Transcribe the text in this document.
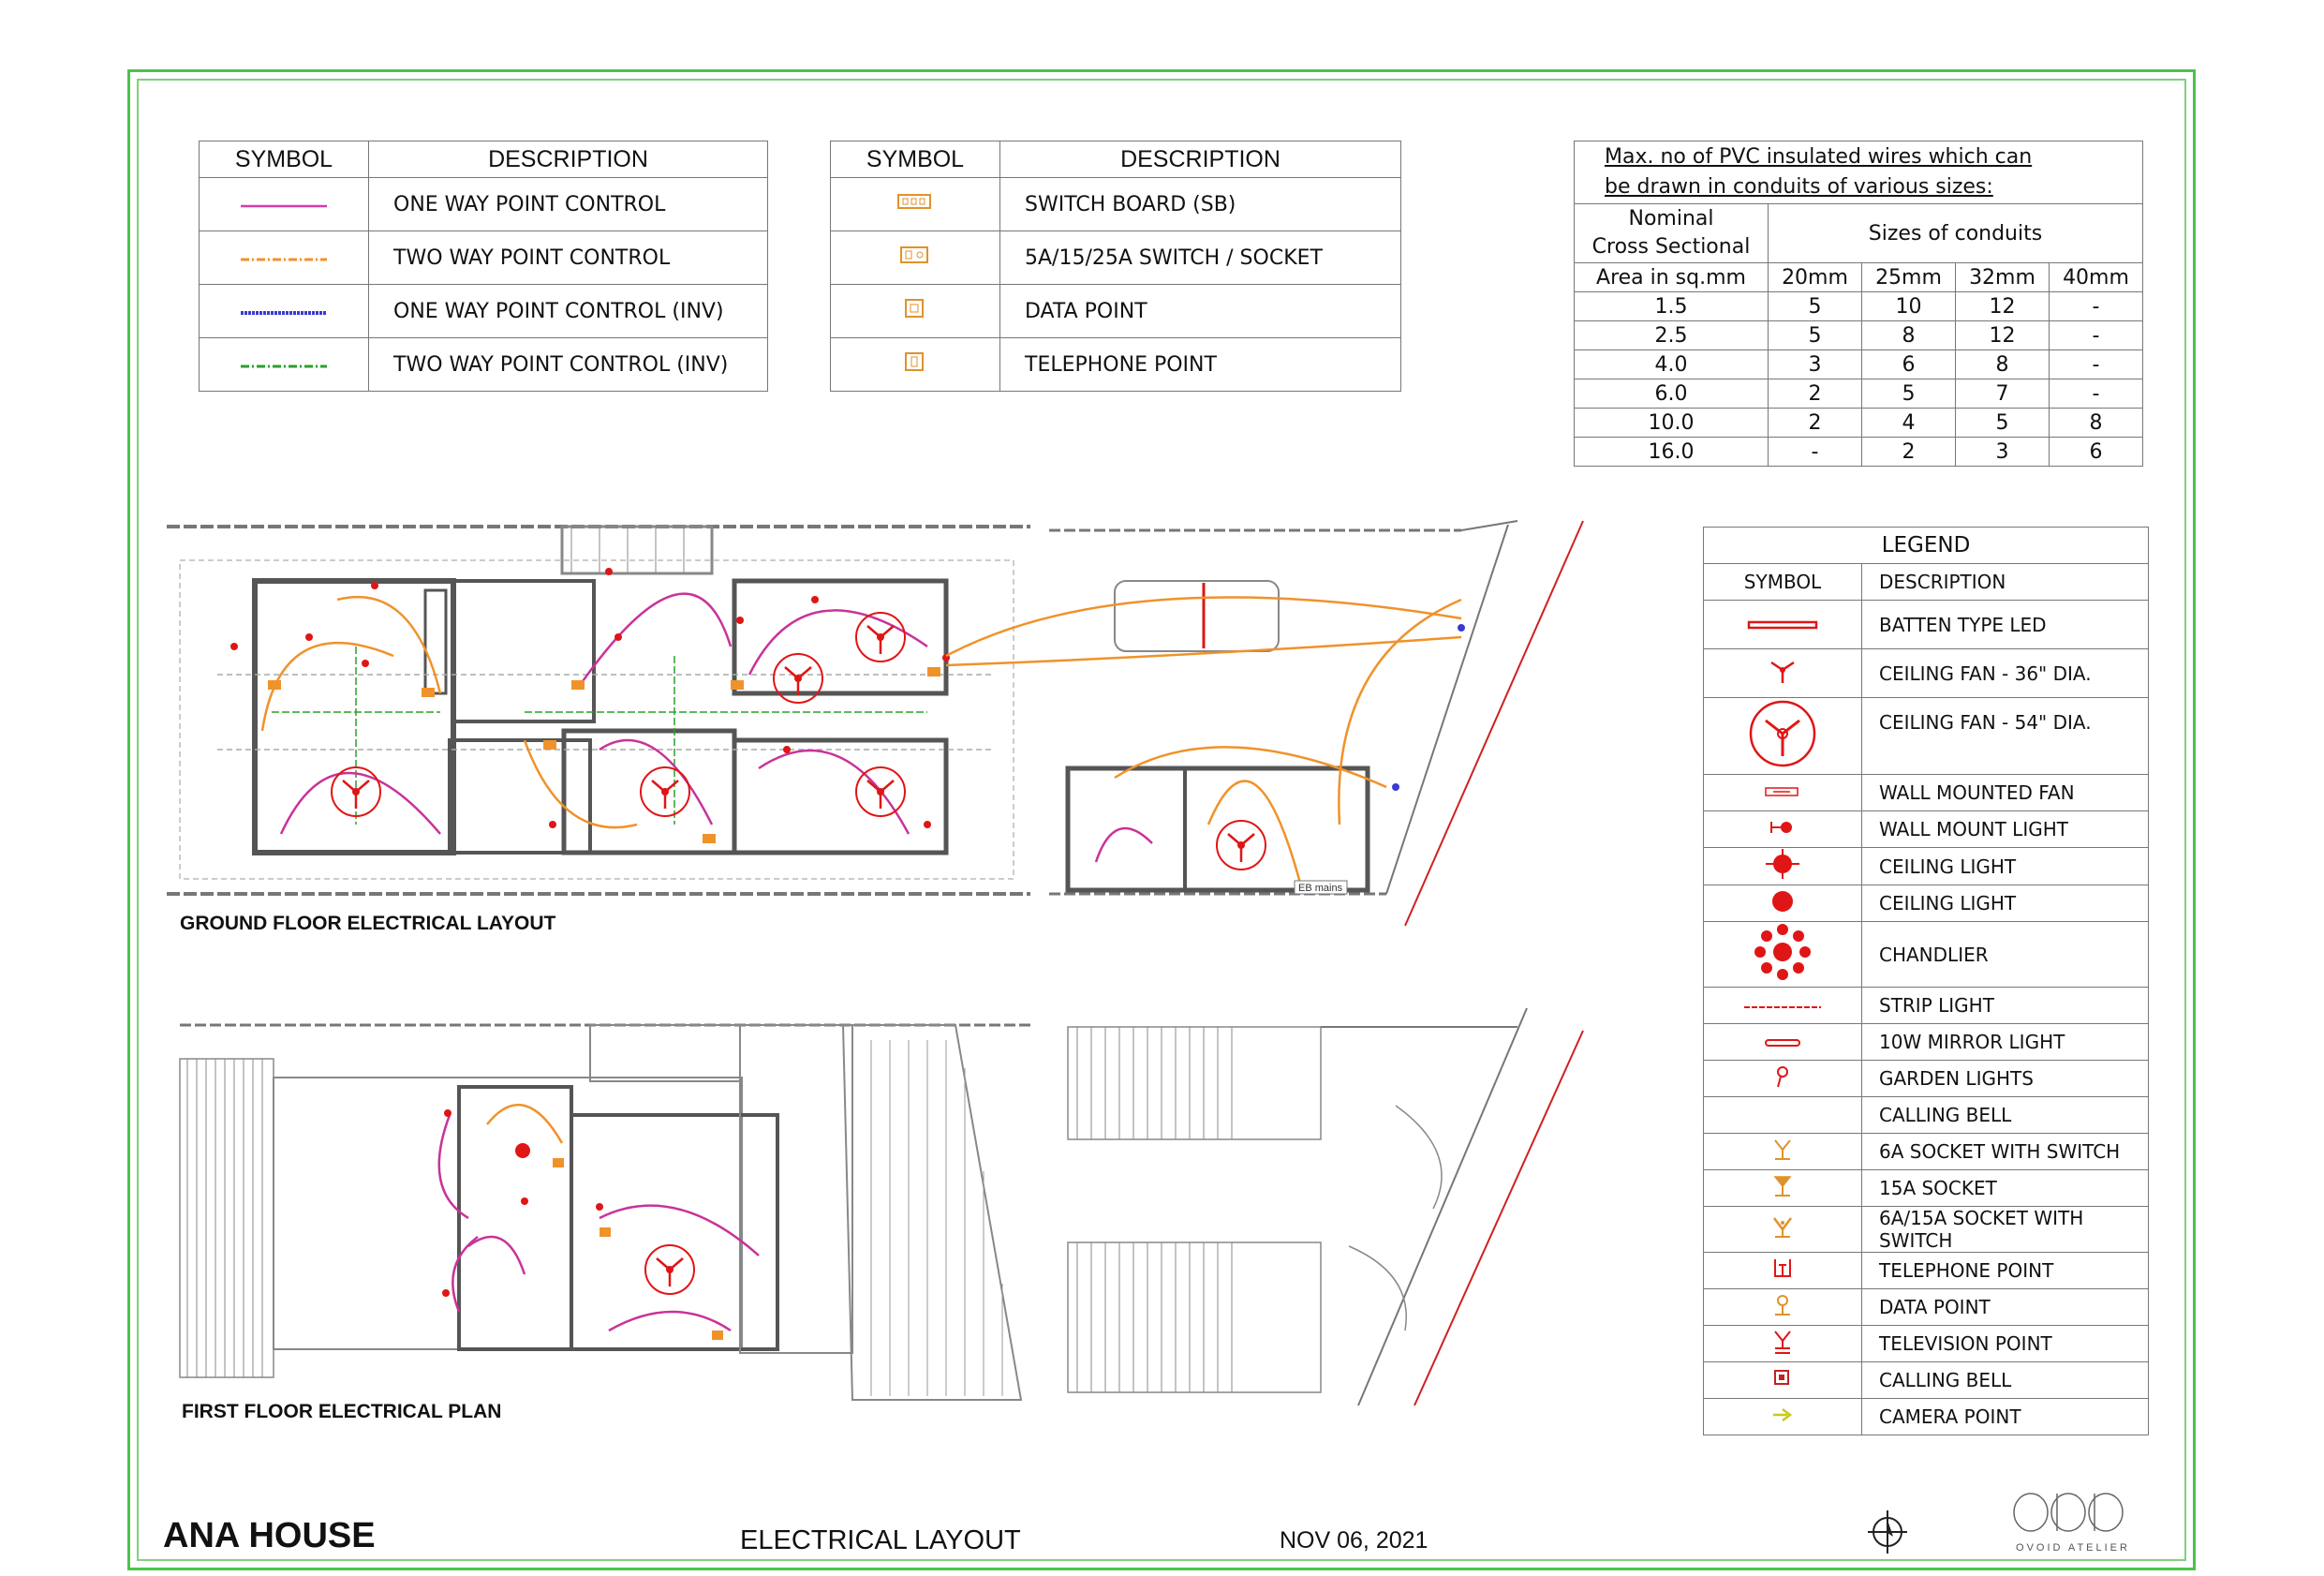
SYMBOL	DESCRIPTION
	ONE WAY POINT CONTROL
	TWO WAY POINT CONTROL
	ONE WAY POINT CONTROL (INV)
	TWO WAY POINT CONTROL (INV)
SYMBOL	DESCRIPTION
	SWITCH BOARD (SB)
	5A/15/25A SWITCH / SOCKET
	DATA POINT
	TELEPHONE POINT
Max. no of PVC insulated wires which can
be drawn in conduits of various sizes:				
Nominal
Cross Sectional	Sizes of conduits			

Area in sq.mm	20mm	25mm	32mm	40mm
1.5	5	10	12	-
2.5	5	8	12	-
4.0	3	6	8	-
6.0	2	5	7	-
10.0	2	4	5	8
16.0	-	2	3	6
LEGEND	
SYMBOL	DESCRIPTION
	BATTEN TYPE LED
	CEILING FAN - 36" DIA.
	CEILING FAN - 54" DIA.
	WALL MOUNTED FAN
	WALL MOUNT LIGHT
	CEILING LIGHT
	CEILING LIGHT
	CHANDLIER
	STRIP LIGHT
	10W MIRROR LIGHT
	GARDEN LIGHTS
	CALLING BELL
	6A SOCKET WITH SWITCH
	15A SOCKET
	6A/15A SOCKET WITH SWITCH
	TELEPHONE POINT
	DATA POINT
	TELEVISION POINT
	CALLING BELL
	CAMERA POINT
EB mains
GROUND FLOOR ELECTRICAL LAYOUT
FIRST FLOOR ELECTRICAL PLAN
ANA HOUSE	ELECTRICAL LAYOUT	NOV 06, 2021	OVOID ATELIER
